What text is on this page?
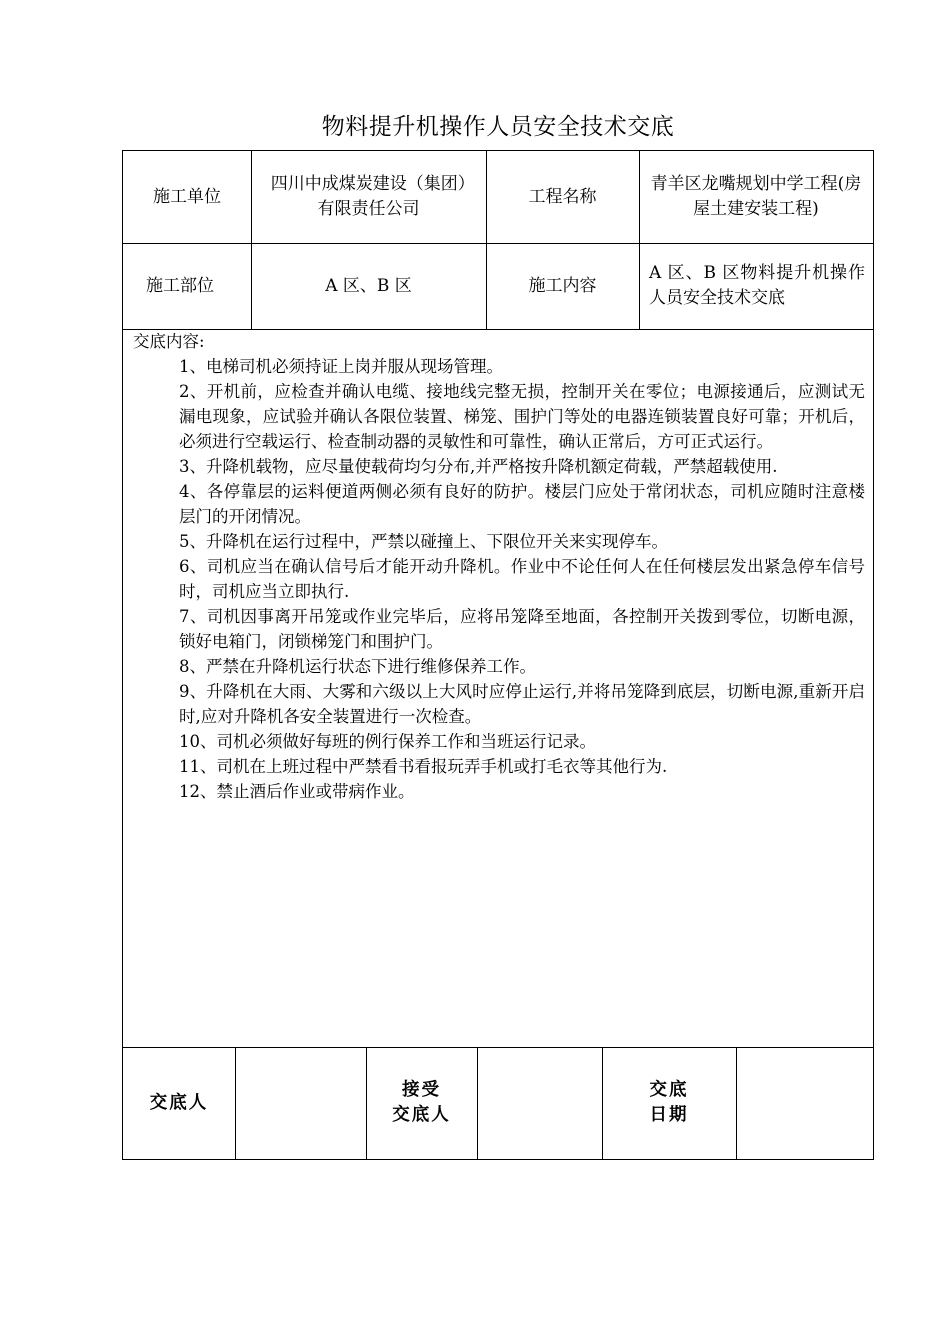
物料提升机操作人员安全技术交底
施工单位
四川中成煤炭建设（集团）有限责任公司
工程名称
青羊区龙嘴规划中学工程(房屋土建安装工程)
施工部位	A 区、B 区	施工内容
A 区、B 区物料提升机操作人员安全技术交底
交底内容:
1、电梯司机必须持证上岗并服从现场管理。
2、开机前，应检查并确认电缆、接地线完整无损，控制开关在零位；电源接通后，应测试无漏电现象，应试验并确认各限位装置、梯笼、围护门等处的电器连锁装置良好可靠；开机后，必须进行空载运行、检查制动器的灵敏性和可靠性，确认正常后，方可正式运行。
3、升降机载物，应尽量使载荷均匀分布,并严格按升降机额定荷载，严禁超载使用.
4、各停靠层的运料便道两侧必须有良好的防护。楼层门应处于常闭状态，司机应随时注意楼层门的开闭情况。
5、升降机在运行过程中，严禁以碰撞上、下限位开关来实现停车。
6、司机应当在确认信号后才能开动升降机。作业中不论任何人在任何楼层发出紧急停车信号时，司机应当立即执行.
7、司机因事离开吊笼或作业完毕后，应将吊笼降至地面，各控制开关拨到零位，切断电源，锁好电箱门，闭锁梯笼门和围护门。
8、严禁在升降机运行状态下进行维修保养工作。
9、升降机在大雨、大雾和六级以上大风时应停止运行,并将吊笼降到底层，切断电源,重新开启时,应对升降机各安全装置进行一次检查。
10、司机必须做好每班的例行保养工作和当班运行记录。
11、司机在上班过程中严禁看书看报玩弄手机或打毛衣等其他行为.
12、禁止酒后作业或带病作业。
交底人
接受
交底人
交底
日期
